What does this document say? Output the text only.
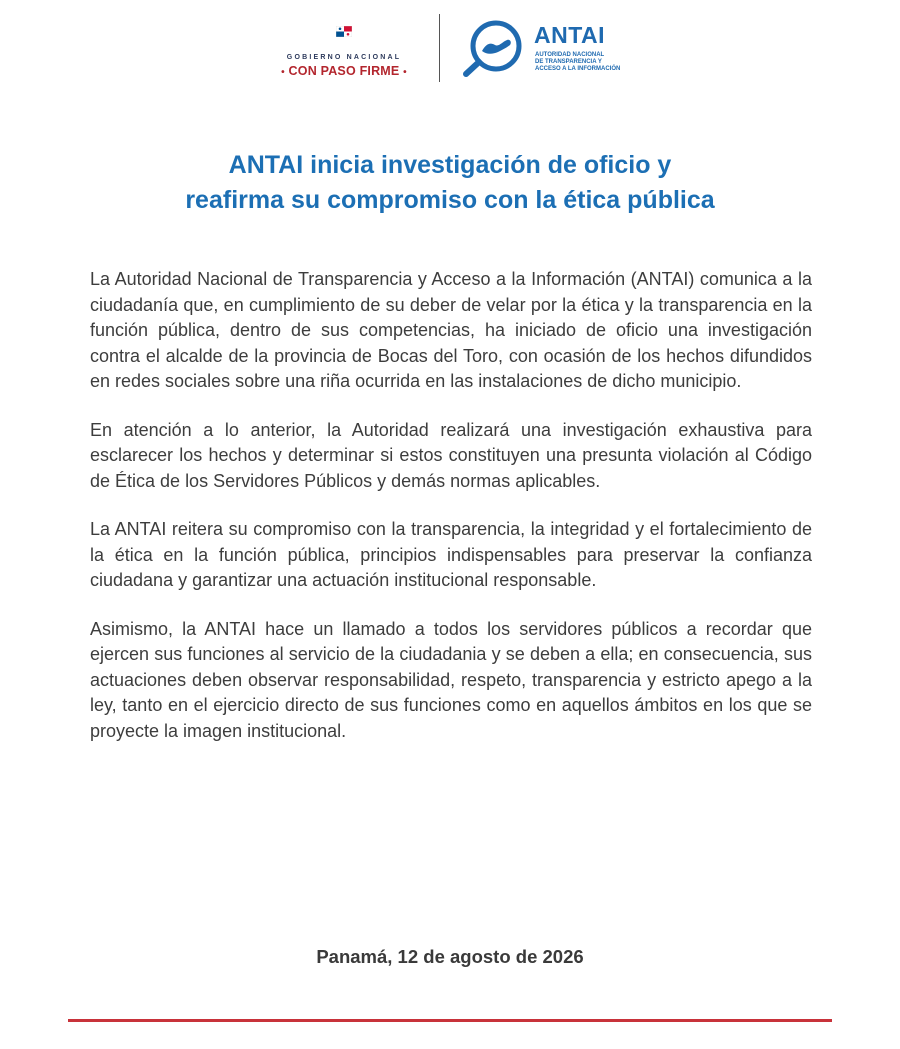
GOBIERNO NACIONAL
• CON PASO FIRME •
ANTAI
AUTORIDAD NACIONAL
DE TRANSPARENCIA Y
ACCESO A LA INFORMACIÓN
ANTAI inicia investigación de oficio y
reafirma su compromiso con la ética pública

La Autoridad Nacional de Transparencia y Acceso a la Información (ANTAI) comunica a la ciudadanía que, en cumplimiento de su deber de velar por la ética y la transparencia en la función pública, dentro de sus competencias, ha iniciado de oficio una investigación contra el alcalde de la provincia de Bocas del Toro, con ocasión de los hechos difundidos en redes sociales sobre una riña ocurrida en las instalaciones de dicho municipio.

En atención a lo anterior, la Autoridad realizará una investigación exhaustiva para esclarecer los hechos y determinar si estos constituyen una presunta violación al Código de Ética de los Servidores Públicos y demás normas aplicables.

La ANTAI reitera su compromiso con la transparencia, la integridad y el fortalecimiento de la ética en la función pública, principios indispensables para preservar la confianza ciudadana y garantizar una actuación institucional responsable.

Asimismo, la ANTAI hace un llamado a todos los servidores públicos a recordar que ejercen sus funciones al servicio de la ciudadania y se deben a ella; en consecuencia, sus actuaciones deben observar responsabilidad, respeto, transparencia y estricto apego a la ley, tanto en el ejercicio directo de sus funciones como en aquellos ámbitos en los que se proyecte la imagen institucional.

Panamá, 12 de agosto de 2026
